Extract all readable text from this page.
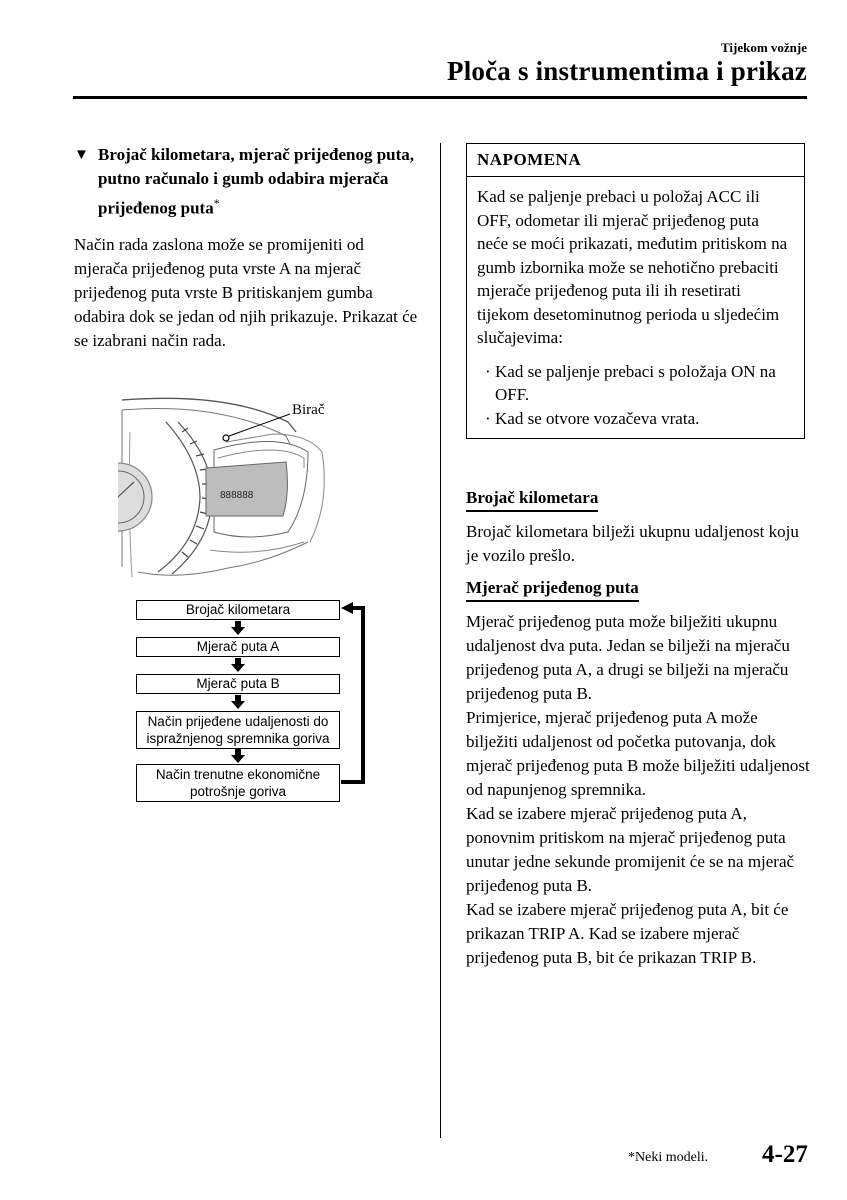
Tijekom vožnje
Ploča s instrumentima i prikaz
▼ Brojač kilometara, mjerač prijeđenog puta, putno računalo i gumb odabira mjerača prijeđenog puta*
Način rada zaslona može se promijeniti od mjerača prijeđenog puta vrste A na mjerač prijeđenog puta vrste B pritiskanjem gumba odabira dok se jedan od njih prikazuje. Prikazat će se izabrani način rada.
888888
Birač
Brojač kilometara
Mjerač puta A
Mjerač puta B
Način prijeđene udaljenosti do ispražnjenog spremnika goriva
Način trenutne ekonomične potrošnje goriva
NAPOMENA
Kad se paljenje prebaci u položaj ACC ili OFF, odometar ili mjerač prijeđenog puta neće se moći prikazati, međutim pritiskom na gumb izbornika može se nehotično prebaciti mjerače prijeđenog puta ili ih resetirati tijekom desetominutnog perioda u sljedećim slučajevima:
· Kad se paljenje prebaci s položaja ON na OFF.
· Kad se otvore vozačeva vrata.
Brojač kilometara

Brojač kilometara bilježi ukupnu udaljenost koju je vozilo prešlo.

Mjerač prijeđenog puta

Mjerač prijeđenog puta može bilježiti ukupnu udaljenost dva puta. Jedan se bilježi na mjeraču prijeđenog puta A, a drugi se bilježi na mjeraču prijeđenog puta B.

Primjerice, mjerač prijeđenog puta A može bilježiti udaljenost od početka putovanja, dok mjerač prijeđenog puta B može bilježiti udaljenost od napunjenog spremnika.

Kad se izabere mjerač prijeđenog puta A, ponovnim pritiskom na mjerač prijeđenog puta unutar jedne sekunde promijenit će se na mjerač prijeđenog puta B.

Kad se izabere mjerač prijeđenog puta A, bit će prikazan TRIP A. Kad se izabere mjerač prijeđenog puta B, bit će prikazan TRIP B.

*Neki modeli. 4-27
